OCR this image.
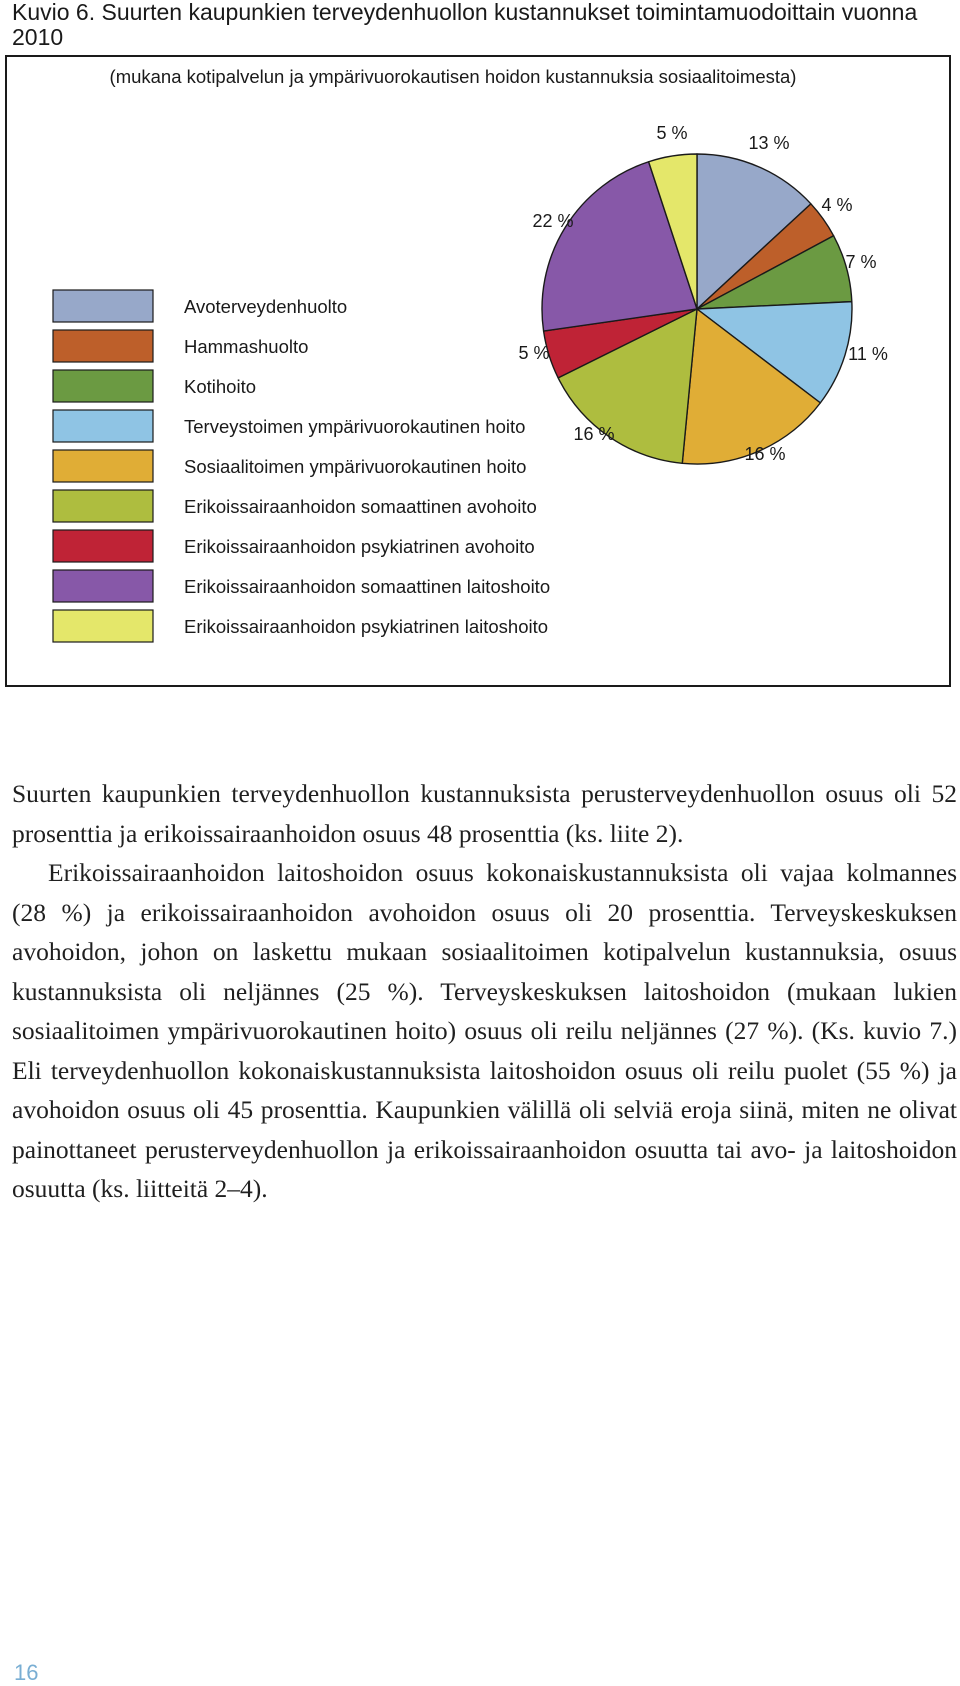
Kuvio 6. Suurten kaupunkien terveydenhuollon kustannukset toimintamuodoittain vuonna 2010
(mukana kotipalvelun ja ympärivuorokautisen hoidon kustannuksia sosiaalitoimesta)
13 %
4 %
7 %
11 %
16 %
16 %
5 %
22 %
5 %
Avoterveydenhuolto
Hammashuolto
Kotihoito
Terveystoimen ympärivuorokautinen hoito
Sosiaalitoimen ympärivuorokautinen hoito
Erikoissairaanhoidon somaattinen avohoito
Erikoissairaanhoidon psykiatrinen avohoito
Erikoissairaanhoidon somaattinen laitoshoito
Erikoissairaanhoidon psykiatrinen laitoshoito

Suurten kaupunkien terveydenhuollon kustannuksista perusterveydenhuollon osuus oli 52 prosenttia ja erikoissairaanhoidon osuus 48 prosenttia (ks. liite 2).

Erikoissairaanhoidon laitoshoidon osuus kokonaiskustannuksista oli vajaa kolmannes (28 %) ja erikoissairaanhoidon avohoidon osuus oli 20 prosenttia. Terveyskeskuksen avohoidon, johon on laskettu mukaan sosiaalitoimen kotipalvelun kustannuksia, osuus kustannuksista oli neljännes (25 %). Terveyskeskuksen laitoshoidon (mukaan lukien sosiaalitoimen ympärivuorokautinen hoito) osuus oli reilu neljännes (27 %). (Ks. kuvio 7.) Eli terveydenhuollon kokonaiskustannuksista laitoshoidon osuus oli reilu puolet (55 %) ja avohoidon osuus oli 45 prosenttia. Kaupunkien välillä oli selviä eroja siinä, miten ne olivat painottaneet perusterveydenhuollon ja erikoissairaanhoidon osuutta tai avo- ja laitoshoidon osuutta (ks. liitteitä 2–4).

16
